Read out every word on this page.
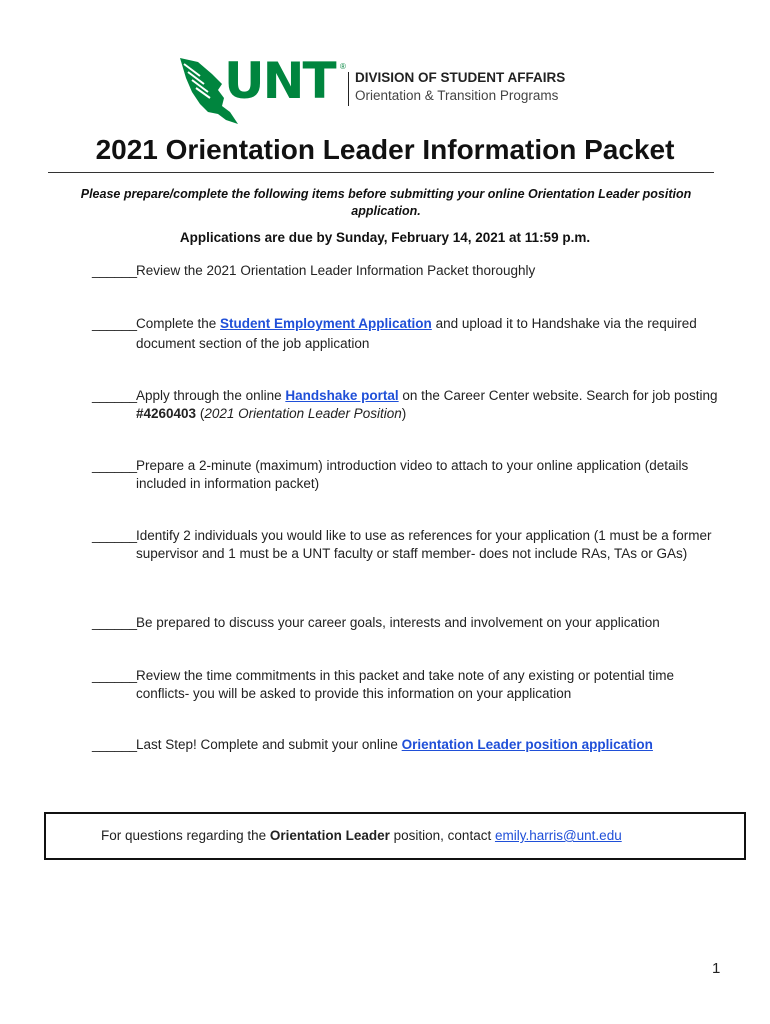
UNT ®
DIVISION OF STUDENT AFFAIRS
Orientation & Transition Programs
2021 Orientation Leader Information Packet
Please prepare/complete the following items before submitting your online Orientation Leader position application.
Applications are due by Sunday, February 14, 2021 at 11:59 p.m.
______
Review the 2021 Orientation Leader Information Packet thoroughly
______
Complete the Student Employment Application and upload it to Handshake via the required document section of the job application
______
Apply through the online Handshake portal on the Career Center website. Search for job posting #4260403 (2021 Orientation Leader Position)
______
Prepare a 2-minute (maximum) introduction video to attach to your online application (details included in information packet)
______
Identify 2 individuals you would like to use as references for your application (1 must be a former supervisor and 1 must be a UNT faculty or staff member- does not include RAs, TAs or GAs)
______
Be prepared to discuss your career goals, interests and involvement on your application
______
Review the time commitments in this packet and take note of any existing or potential time conflicts- you will be asked to provide this information on your application
______
Last Step! Complete and submit your online Orientation Leader position application
For questions regarding the Orientation Leader position, contact emily.harris@unt.edu
1
